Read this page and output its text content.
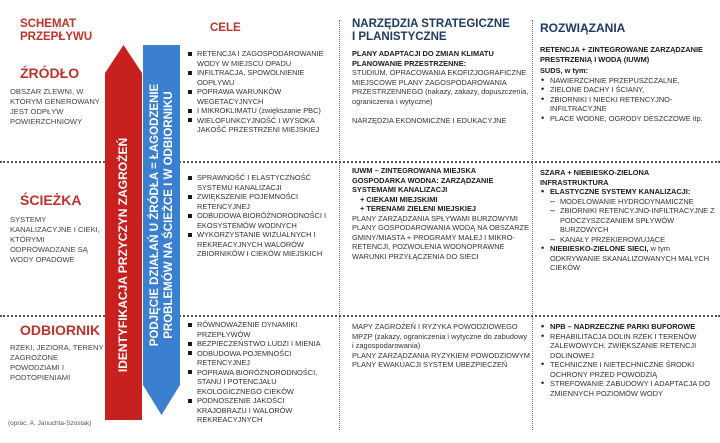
SCHEMAT
PRZEPŁYWU
CELE	NARZĘDZIA STRATEGICZNE
I PLANISTYCZNE
ROZWIĄZANIA
IDENTYFIKACJA PRZYCZYN ZAGROŻEŃ PODJĘCIE DZIAŁAŃ U ŹRÓDŁA = ŁAGODZENIE PROBLEMÓW NA ŚCIEŻCE I W ODBIORNIKU
ŹRÓDŁO
OBSZAR ZLEWNI, W KTÓRYM GENEROWANY JEST ODPŁYW POWIERZCHNIOWY
RETENCJA I ZAGOSPODAROWANIE WODY W MIEJSCU OPADU
INFILTRACJA, SPOWOLNIENIE ODPŁYWU
POPRAWA WARUNKÓW WEGETACYJNYCH
I MIKROKLIMATU (zwiększanie PBC)
WIELOFUNKCYJNOŚĆ I WYSOKA JAKOŚĆ PRZESTRZENI MIEJSKIEJ

PLANY ADAPTACJI DO ZMIAN KLIMATU PLANOWANIE PRZESTRZENNE:

STUDIUM, OPRACOWANIA EKOFIZJOGRAFICZNE

MIEJSCOWE PLANY ZAGOSPODAROWANIA PRZESTRZENNEGO (nakazy, zakazy, dopuszczenia, ograniczenia i wytyczne)

NARZĘDZIA EKONOMICZNE I EDUKACYJNE

RETENCJA + ZINTEGROWANE ZARZĄDZANIE PRESTRZENIĄ I WODĄ (IUWM)

SUDS, w tym:

• NAWIERZCHNIE PRZEPUSZCZALNE,
• ZIELONE DACHY I ŚCIANY,
• ZBIORNIKI I NIECKI RETENCYJNO-INFILTRACYJNE
• PLACE WODNE, OGRODY DESZCZOWE itp.
ŚCIEŻKA
SYSTEMY KANALIZACYJNE I CIEKI, KTÓRYMI ODPROWADZANE SĄ WODY OPADOWE
SPRAWNOŚĆ I ELASTYCZNOŚĆ SYSTEMU KANALIZACJI
ZWIĘKSZENIE POJEMNOŚCI RETENCYJNEJ
ODBUDOWA BIORÓŻNORODNOŚCI I EKOSYSTEMÓW WODNYCH
WYKORZYSTANIE WIZUALNYCH I REKREACYJNYCH WALORÓW ZBIORNIKÓW I CIEKÓW MIEJSKICH

IUWM – ZINTEGROWANA MIEJSKA GOSPODARKA WODNA: ZARZĄDZANIE SYSTEMAMI KANALIZACJI

+ CIEKAMI MIEJSKIMI

+ TERENAMI ZIELENI MIEJSKIEJ

PLANY ZARZĄDZANIA SPŁYWAMI BURZOWYMI

PLANY GOSPODAROWANIA WODĄ NA OBSZARZE GMINY/MIASTA + PROGRAMY MAŁEJ I MIKRO-RETENCJI, POZWOLENIA WODNOPRAWNE

WARUNKI PRZYŁĄCZENIA DO SIECI

SZARA + NIEBIESKO-ZIELONA INFRASTRUKTURA

• ELASTYCZNE SYSTEMY KANALIZACJI:
– MODELOWANIE HYDRODYNAMICZNE
– ZBIORNIKI RETENCYJNO-INFILTRACYJNE Z PODCZYSZCZANIEM SPŁYWÓW BURZOWYCH
– KANAŁY PRZEKIEROWUJĄCE
• NIEBIESKO-ZIELONE SIECI, w tym ODKRYWANIE SKANALIZOWANYCH MAŁYCH CIEKÓW
ODBIORNIK
RZEKI, JEZIORA, TERENY ZAGROŻONE POWODZIAMI I PODTOPIENIAMI
RÓWNOWAŻENIE DYNAMIKI PRZEPŁYWÓW
BEZPIECZEŃSTWO LUDZI I MIENIA
ODBUDOWA POJEMNOŚCI RETENCYJNEJ
POPRAWA BIORÓŻNORODNOŚCI, STANU I POTENCJAŁU EKOLOGICZNEGO CIEKÓW
PODNOSZENIE JAKOŚCI KRAJOBRAZU I WALORÓW REKREACYJNYCH

MAPY ZAGROŻEŃ I RYZYKA POWODZIOWEGO

MPZP (zakazy, ograniczenia i wytyczne do zabudowy i zagospodarowania)

PLANY ZARZĄDZANIA RYZYKIEM POWODZIOWYM

PLANY EWAKUACJI SYSTEM UBEZPIECZEŃ

• NPB – NADRZECZNE PARKI BUFOROWE
• REHABILITACJA DOLIN RZEK I TERENÓW ZALEWOWYCH, ZWIĘKSZANIE RETENCJI DOLINOWEJ
• TECHNICZNE I NIETECHNICZNE ŚRODKI OCHRONY PRZED POWODZIĄ
• STREFOWANIE ZABUDOWY I ADAPTACJA DO ZMIENNYCH POZIOMÓW WODY
(oprac. A. Januchta-Szostak)
